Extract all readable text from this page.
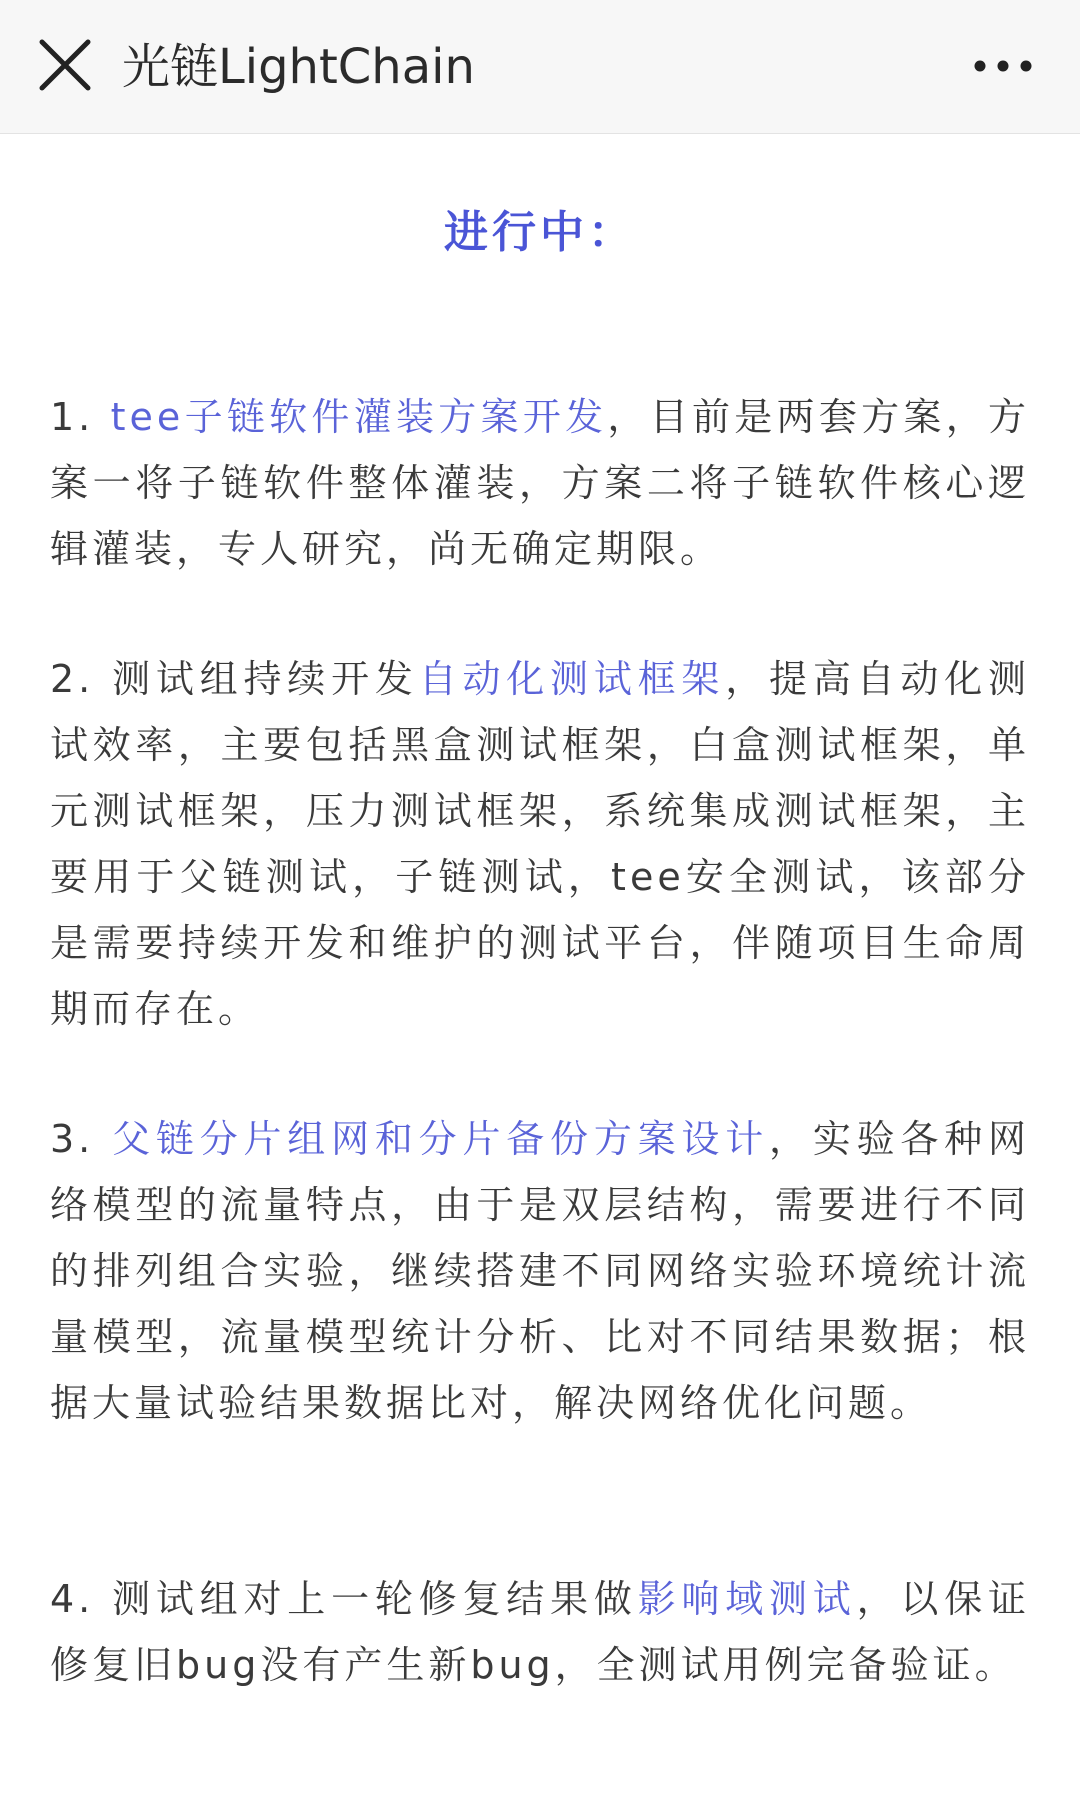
光链LightChain
进行中：
1. tee子链软件灌装方案开发，目前是两套方案，方案一将子链软件整体灌装，方案二将子链软件核心逻辑灌装，专人研究，尚无确定期限。
2. 测试组持续开发自动化测试框架，提高自动化测试效率，主要包括黑盒测试框架，白盒测试框架，单元测试框架，压力测试框架，系统集成测试框架，主要用于父链测试，子链测试，tee安全测试，该部分是需要持续开发和维护的测试平台，伴随项目生命周期而存在。
3. 父链分片组网和分片备份方案设计，实验各种网络模型的流量特点，由于是双层结构，需要进行不同的排列组合实验，继续搭建不同网络实验环境统计流量模型，流量模型统计分析、比对不同结果数据；根据大量试验结果数据比对，解决网络优化问题。
4. 测试组对上一轮修复结果做影响域测试，以保证修复旧bug没有产生新bug，全测试用例完备验证。
